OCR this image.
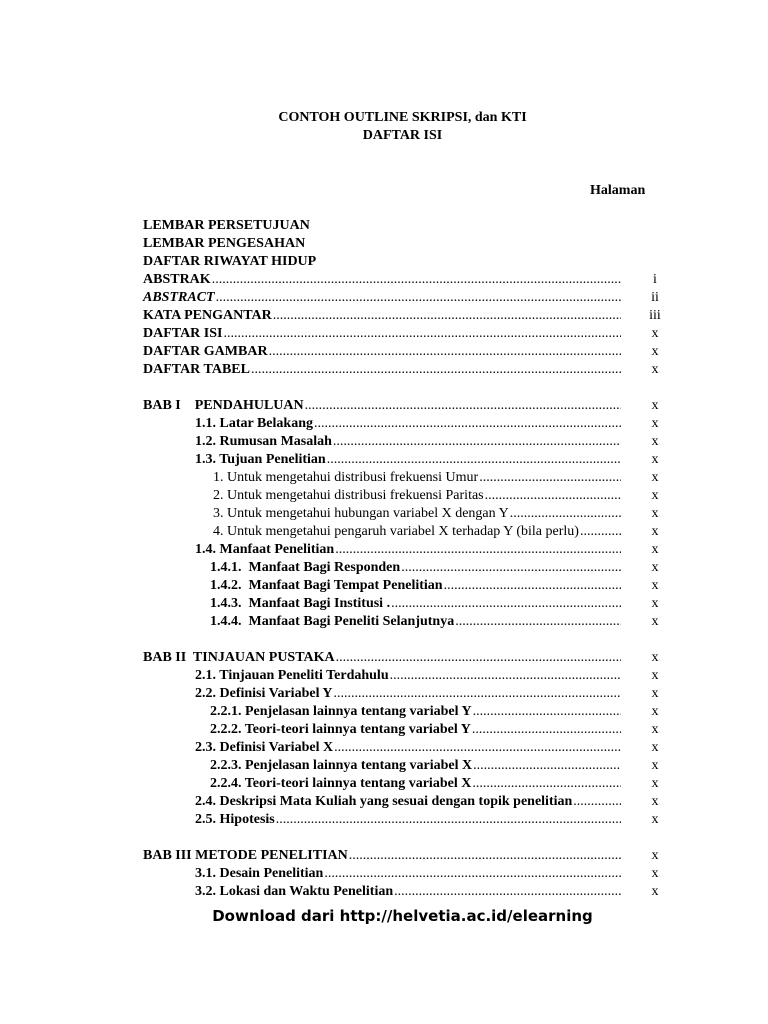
CONTOH OUTLINE SKRIPSI, dan KTI
DAFTAR ISI
Halaman
LEMBAR PERSETUJUAN
LEMBAR PENGESAHAN
DAFTAR RIWAYAT HIDUP
ABSTRAK .....	i
ABSTRACT .....	ii
KATA PENGANTAR .....	iii
DAFTAR ISI .....	x
DAFTAR GAMBAR .....	x
DAFTAR TABEL .....	x
BAB I    PENDAHULUAN .....	x
1.1. Latar Belakang .....	x
1.2. Rumusan Masalah .....	x
1.3. Tujuan Penelitian .....	x
1. Untuk mengetahui distribusi frekuensi Umur .....	x
2. Untuk mengetahui distribusi frekuensi Paritas .....	x
3. Untuk mengetahui hubungan variabel X dengan Y .....	x
4. Untuk mengetahui pengaruh variabel X terhadap Y (bila perlu) .....	x
1.4. Manfaat Penelitian .....	x
1.4.1.  Manfaat Bagi Responden .....	x
1.4.2.  Manfaat Bagi Tempat Penelitian .....	x
1.4.3.  Manfaat Bagi Institusi . .....	x
1.4.4.  Manfaat Bagi Peneliti Selanjutnya .....	x
BAB II  TINJAUAN PUSTAKA .....	x
2.1. Tinjauan Peneliti Terdahulu .....	x
2.2. Definisi Variabel Y .....	x
2.2.1. Penjelasan lainnya tentang variabel Y .....	x
2.2.2. Teori-teori lainnya tentang variabel Y .....	x
2.3. Definisi Variabel X .....	x
2.2.3. Penjelasan lainnya tentang variabel X .....	x
2.2.4. Teori-teori lainnya tentang variabel X .....	x
2.4. Deskripsi Mata Kuliah yang sesuai dengan topik penelitian .....	x
2.5. Hipotesis .....	x
BAB III METODE PENELITIAN .....	x
3.1. Desain Penelitian .....	x
3.2. Lokasi dan Waktu Penelitian .....	x
Download dari http://helvetia.ac.id/elearning
